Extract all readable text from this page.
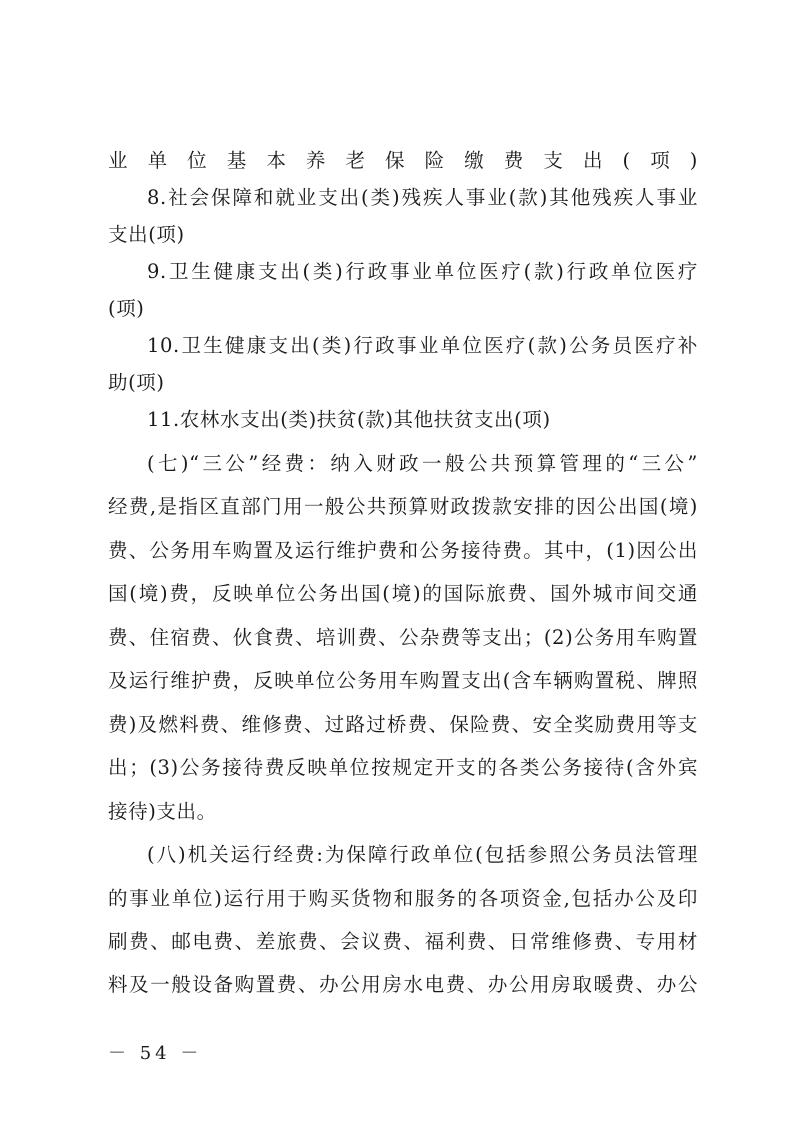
业单位基本养老保险缴费支出(项)
8.社会保障和就业支出(类)残疾人事业(款)其他残疾人事业
支出(项)
9.卫生健康支出(类)行政事业单位医疗(款)行政单位医疗
(项)
10.卫生健康支出(类)行政事业单位医疗(款)公务员医疗补
助(项)
11.农林水支出(类)扶贫(款)其他扶贫支出(项)
(七)“三公”经费：纳入财政一般公共预算管理的“三公”
经费,是指区直部门用一般公共预算财政拨款安排的因公出国(境)
费、公务用车购置及运行维护费和公务接待费。其中，(1)因公出
国(境)费，反映单位公务出国(境)的国际旅费、国外城市间交通
费、住宿费、伙食费、培训费、公杂费等支出；(2)公务用车购置
及运行维护费，反映单位公务用车购置支出(含车辆购置税、牌照
费)及燃料费、维修费、过路过桥费、保险费、安全奖励费用等支
出；(3)公务接待费反映单位按规定开支的各类公务接待(含外宾
接待)支出。
(八)机关运行经费:为保障行政单位(包括参照公务员法管理
的事业单位)运行用于购买货物和服务的各项资金,包括办公及印
刷费、邮电费、差旅费、会议费、福利费、日常维修费、专用材
料及一般设备购置费、办公用房水电费、办公用房取暖费、办公
－ 54 －
